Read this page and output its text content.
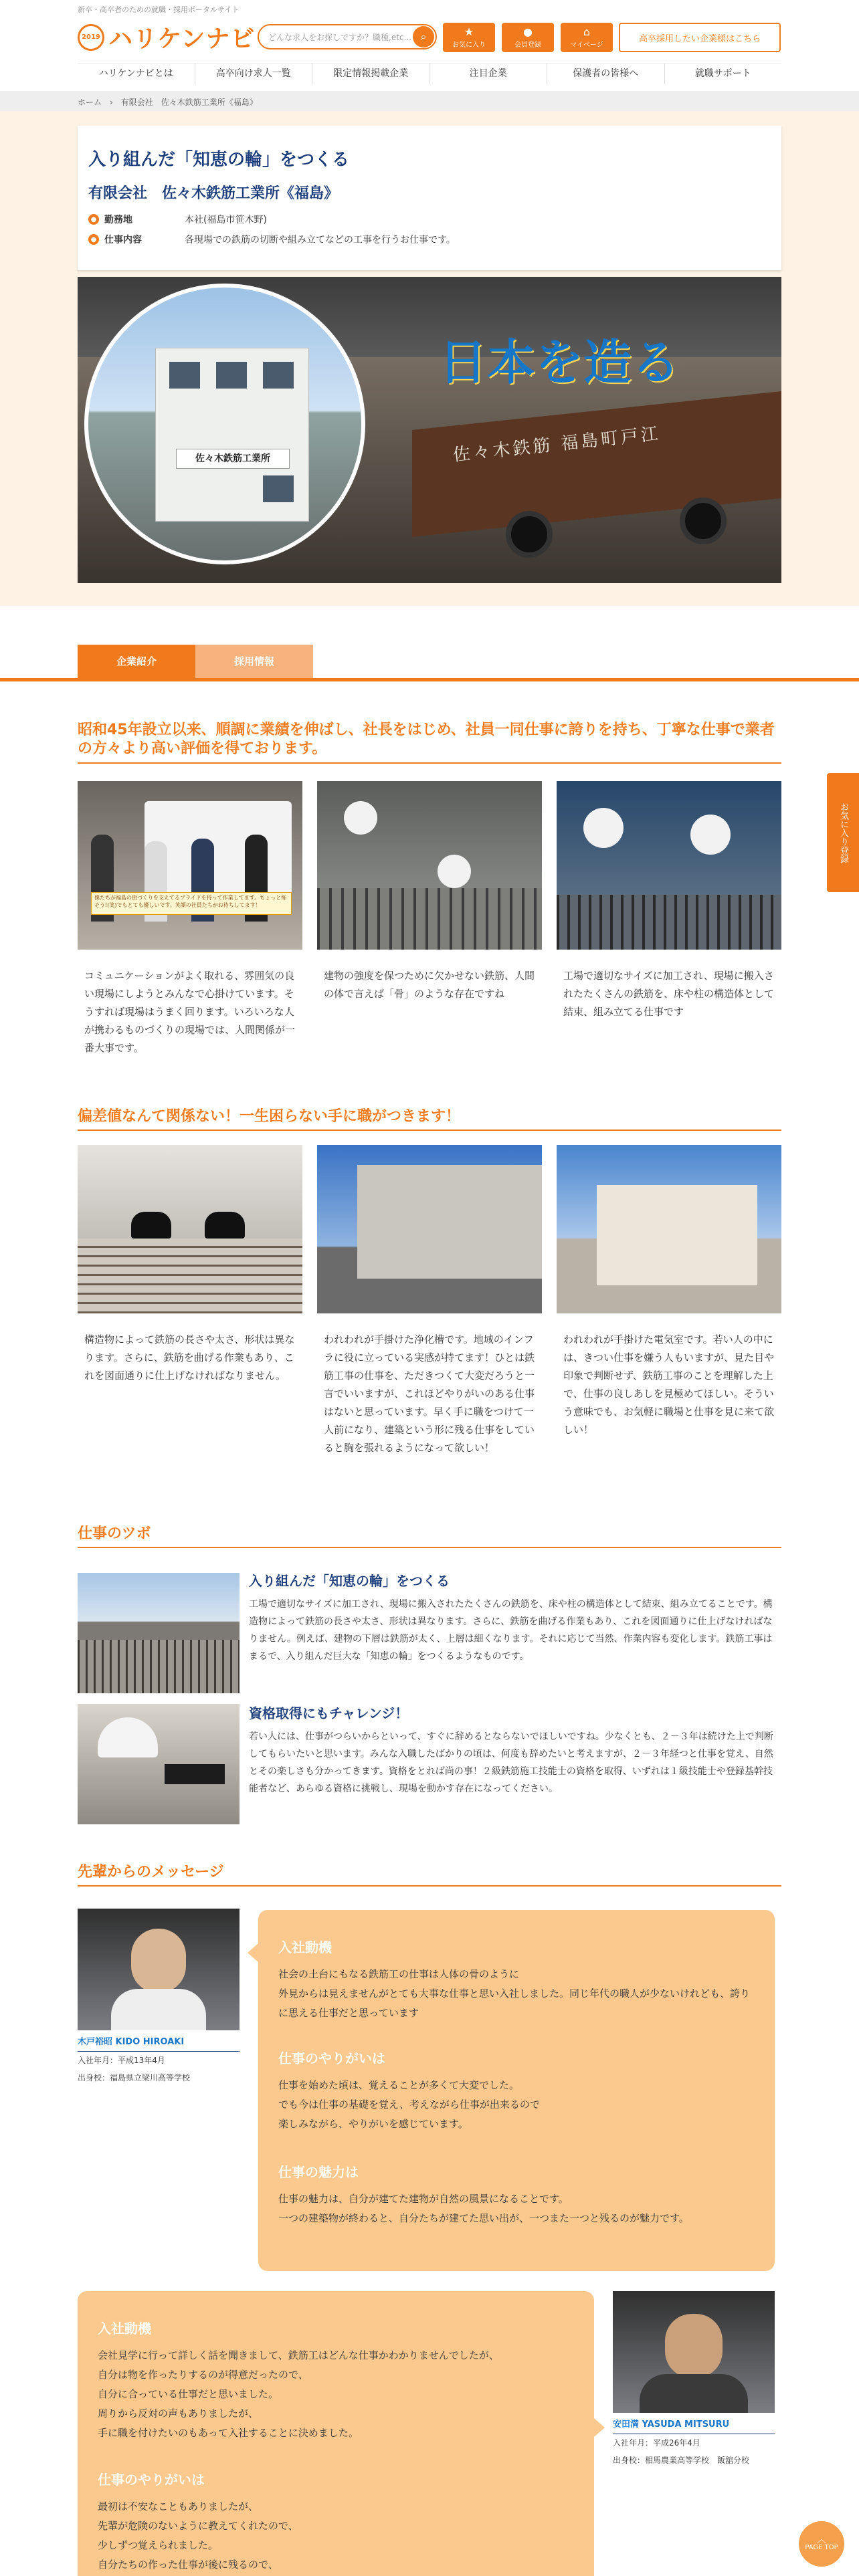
新卒・高卒者のための就職・採用ポータルサイト
2019 ハリケンナビ どんな求人をお探しですか？職種,etc... ⌕	★
お気に入り
●
会員登録
⌂
マイページ
高卒採用したい企業様はこちら
ハリケンナビとは	高卒向け求人一覧	限定情報掲載企業	注目企業	保護者の皆様へ	就職サポート
ホーム　›　有限会社　佐々木鉄筋工業所《福島》
入り組んだ「知恵の輪」をつくる
有限会社　佐々木鉄筋工業所《福島》
● 勤務地	本社(福島市笹木野)
● 仕事内容	各現場での鉄筋の切断や組み立てなどの工事を行うお仕事です。
佐々木鉄筋 福島町戸江
日本を造る
佐々木鉄筋工業所
企業紹介	採用情報
昭和45年設立以来、順調に業績を伸ばし、社長をはじめ、社員一同仕事に誇りを持ち、丁寧な仕事で業者の方々より高い評価を得ております。
僕たちが福島の街づくりを支えてるプライドを持って作業してます。ちょっと怖そう!(笑)でもとても優しいです。笑顔の社員たちがお待ちしてます！
コミュニケーションがよく取れる、雰囲気の良い現場にしようとみんなで心掛けています。そうすれば現場はうまく回ります。いろいろな人が携わるものづくりの現場では、人間関係が一番大事です。
建物の強度を保つために欠かせない鉄筋、人間の体で言えば「骨」のような存在ですね
工場で適切なサイズに加工され、現場に搬入されたたくさんの鉄筋を、床や柱の構造体として結束、組み立てる仕事です
偏差値なんて関係ない！一生困らない手に職がつきます！
構造物によって鉄筋の長さや太さ、形状は異なります。さらに、鉄筋を曲げる作業もあり、これを図面通りに仕上げなければなりません。
われわれが手掛けた浄化槽です。地域のインフラに役に立っている実感が持てます！ひとは鉄筋工事の仕事を、ただきつくて大変だろうと一言でいいますが、これほどやりがいのある仕事はないと思っています。早く手に職をつけて一人前になり、建築という形に残る仕事をしていると胸を張れるようになって欲しい！
われわれが手掛けた電気室です。若い人の中には、きつい仕事を嫌う人もいますが、見た目や印象で判断せず、鉄筋工事のことを理解した上で、仕事の良しあしを見極めてほしい。そういう意味でも、お気軽に職場と仕事を見に来て欲しい！
仕事のツボ
入り組んだ「知恵の輪」をつくる
工場で適切なサイズに加工され、現場に搬入されたたくさんの鉄筋を、床や柱の構造体として結束、組み立てることです。構造物によって鉄筋の長さや太さ、形状は異なります。さらに、鉄筋を曲げる作業もあり、これを図面通りに仕上げなければなりません。例えば、建物の下層は鉄筋が太く、上層は細くなります。それに応じて当然、作業内容も変化します。鉄筋工事はまるで、入り組んだ巨大な「知恵の輪」をつくるようなものです。
資格取得にもチャレンジ！
若い人には、仕事がつらいからといって、すぐに辞めるとならないでほしいですね。少なくとも、２－３年は続けた上で判断してもらいたいと思います。みんな入職したばかりの頃は、何度も辞めたいと考えますが、２－３年経つと仕事を覚え、自然とその楽しさも分かってきます。資格をとれば尚の事！２級鉄筋施工技能士の資格を取得、いずれは１級技能士や登録基幹技能者など、あらゆる資格に挑戦し、現場を動かす存在になってください。
先輩からのメッセージ
木戸裕昭 KIDO HIROAKI
入社年月：平成13年4月
出身校：福島県立梁川高等学校
入社動機

社会の土台にもなる鉄筋工の仕事は人体の骨のように

外見からは見えませんがとても大事な仕事と思い入社しました。同じ年代の職人が少ないけれども、誇りに思える仕事だと思っています

仕事のやりがいは

仕事を始めた頃は、覚えることが多くて大変でした。

でも今は仕事の基礎を覚え、考えながら仕事が出来るので

楽しみながら、やりがいを感じています。

仕事の魅力は

仕事の魅力は、自分が建てた建物が自然の風景になることです。

一つの建築物が終わると、自分たちが建てた思い出が、一つまた一つと残るのが魅力です。

入社動機

会社見学に行って詳しく話を聞きまして、鉄筋工はどんな仕事かわかりませんでしたが、

自分は物を作ったりするのが得意だったので、

自分に合っている仕事だと思いました。

周りから反対の声もありましたが、

手に職を付けたいのもあって入社することに決めました。

仕事のやりがいは

最初は不安なこともありましたが、

先輩が危険のないように教えてくれたので、

少しずつ覚えられました。

自分たちの作った仕事が後に残るので、

安田満 YASUDA MITSURU
入社年月：平成26年4月
出身校：相馬農業高等学校　飯舘分校
お気に入り登録
︿
PAGE TOP
